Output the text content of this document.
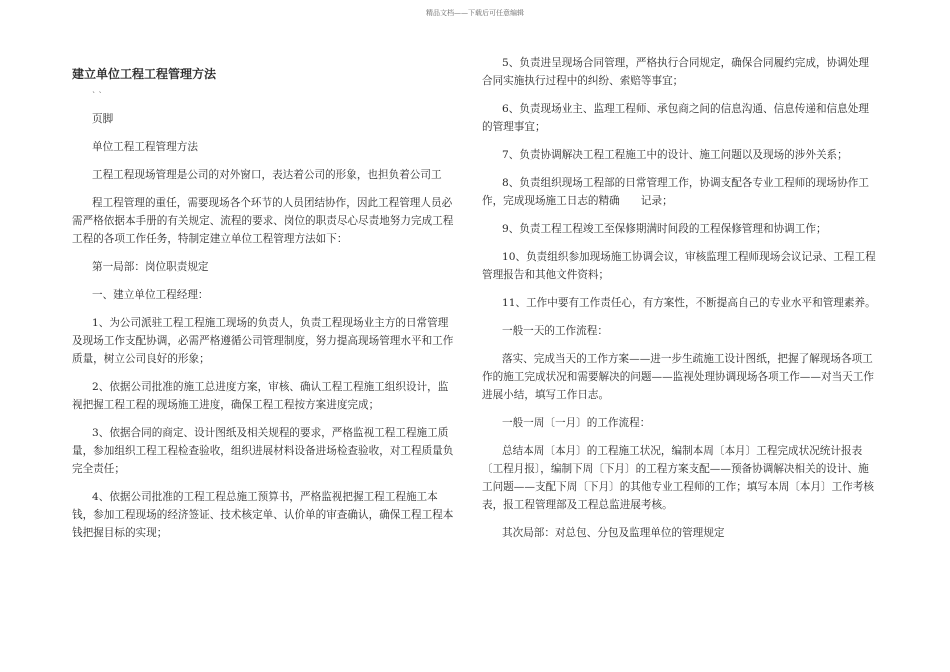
精品文档——下载后可任意编辑

建立单位工程工程管理方法

` `

页脚

单位工程工程管理方法

工程工程现场管理是公司的对外窗口，表达着公司的形象，也担负着公司工

程工程管理的重任，需要现场各个环节的人员团结协作，因此工程管理人员必需严格依据本手册的有关规定、流程的要求、岗位的职责尽心尽责地努力完成工程工程的各项工作任务，特制定建立单位工程管理方法如下：

第一局部：岗位职责规定

一、建立单位工程经理：

1、为公司派驻工程工程施工现场的负责人，负责工程现场业主方的日常管理及现场工作支配协调，必需严格遵循公司管理制度，努力提高现场管理水平和工作质量，树立公司良好的形象；

2、依据公司批准的施工总进度方案，审核、确认工程工程施工组织设计，监视把握工程工程的现场施工进度，确保工程工程按方案进度完成；

3、依据合同的商定、设计图纸及相关规程的要求，严格监视工程工程施工质量，参加组织工程工程检查验收，组织进展材料设备进场检查验收，对工程质量负完全责任；

4、依据公司批准的工程工程总施工预算书，严格监视把握工程工程施工本钱，参加工程现场的经济签证、技术核定单、认价单的审查确认，确保工程工程本钱把握目标的实现；

5、负责进呈现场合同管理，严格执行合同规定，确保合同履约完成，协调处理合同实施执行过程中的纠纷、索赔等事宜；

6、负责现场业主、监理工程师、承包商之间的信息沟通、信息传递和信息处理的管理事宜；

7、负责协调解决工程工程施工中的设计、施工问题以及现场的涉外关系；

8、负责组织现场工程部的日常管理工作，协调支配各专业工程师的现场协作工作，完成现场施工日志的精确　　记录；

9、负责工程工程竣工至保修期满时间段的工程保修管理和协调工作；

10、负责组织参加现场施工协调会议，审核监理工程师现场会议记录、工程工程管理报告和其他文件资料；

11、工作中要有工作责任心，有方案性，不断提高自己的专业水平和管理素养。

一般一天的工作流程：

落实、完成当天的工作方案——进一步生疏施工设计图纸，把握了解现场各项工作的施工完成状况和需要解决的问题——监视处理协调现场各项工作——对当天工作进展小结，填写工作日志。

一般一周〔一月〕的工作流程：

总结本周〔本月〕的工程施工状况，编制本周〔本月〕工程完成状况统计报表〔工程月报〕，编制下周〔下月〕的工程方案支配——预备协调解决相关的设计、施工问题——支配下周〔下月〕的其他专业工程师的工作；填写本周〔本月〕工作考核表，报工程管理部及工程总监进展考核。

其次局部：对总包、分包及监理单位的管理规定
